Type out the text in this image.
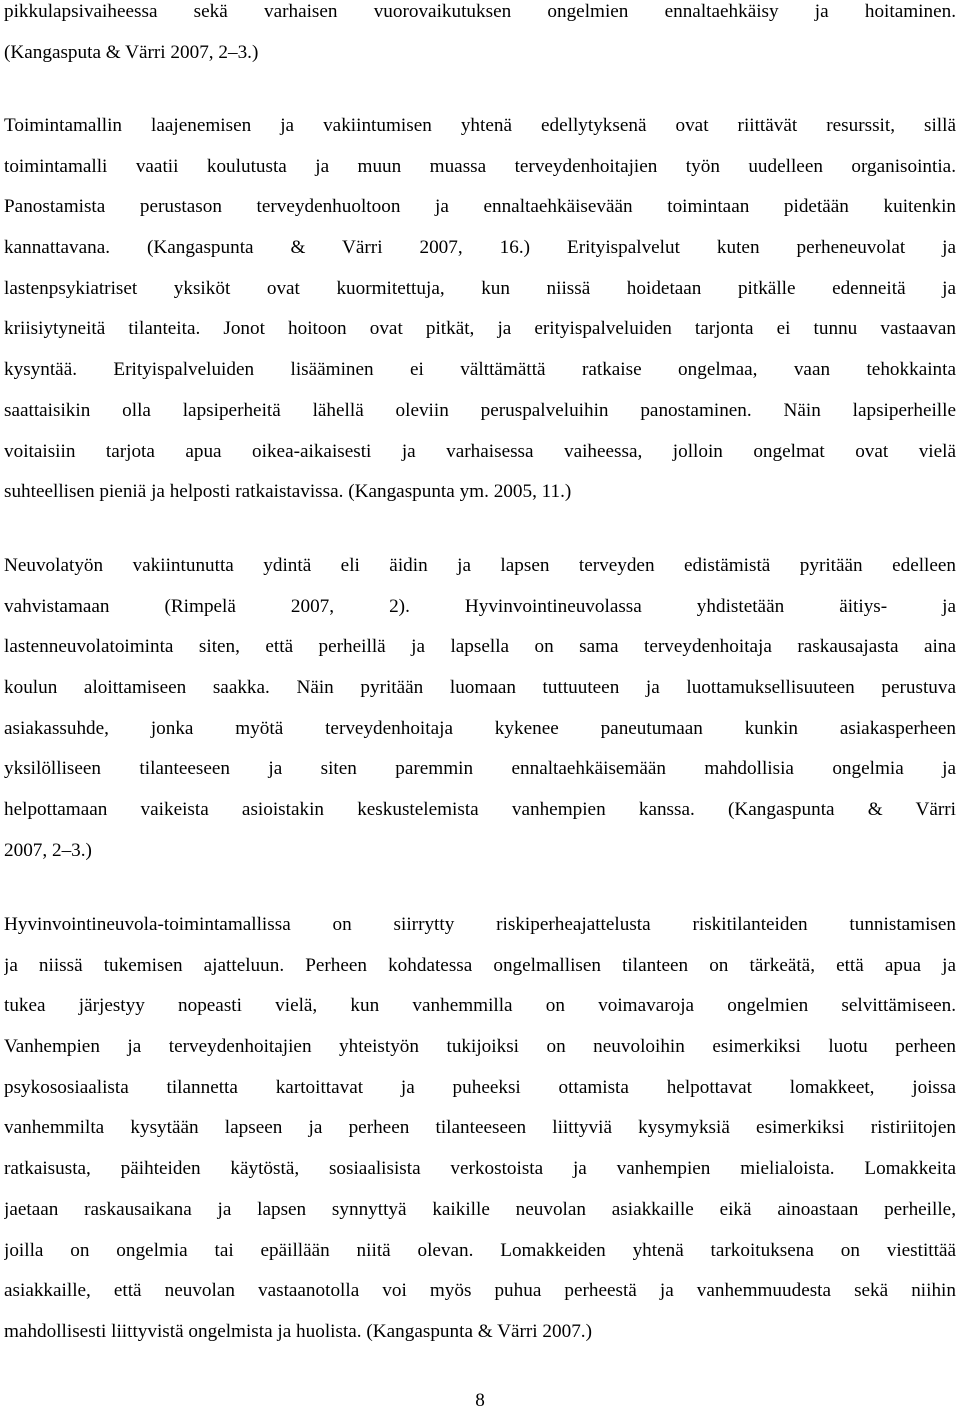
pikkulapsivaiheessa sekä varhaisen vuorovaikutuksen ongelmien ennaltaehkäisy ja hoitaminen.
(Kangasputa & Värri 2007, 2–3.)
Toimintamallin laajenemisen ja vakiintumisen yhtenä edellytyksenä ovat riittävät resurssit, sillä
toimintamalli vaatii koulutusta ja muun muassa terveydenhoitajien työn uudelleen organisointia.
Panostamista perustason terveydenhuoltoon ja ennaltaehkäisevään toimintaan pidetään kuitenkin
kannattavana. (Kangaspunta & Värri 2007, 16.) Erityispalvelut kuten perheneuvolat ja
lastenpsykiatriset yksiköt ovat kuormitettuja, kun niissä hoidetaan pitkälle edenneitä ja
kriisiytyneitä tilanteita. Jonot hoitoon ovat pitkät, ja erityispalveluiden tarjonta ei tunnu vastaavan
kysyntää. Erityispalveluiden lisääminen ei välttämättä ratkaise ongelmaa, vaan tehokkainta
saattaisikin olla lapsiperheitä lähellä oleviin peruspalveluihin panostaminen. Näin lapsiperheille
voitaisiin tarjota apua oikea-aikaisesti ja varhaisessa vaiheessa, jolloin ongelmat ovat vielä
suhteellisen pieniä ja helposti ratkaistavissa. (Kangaspunta ym. 2005, 11.)
Neuvolatyön vakiintunutta ydintä eli äidin ja lapsen terveyden edistämistä pyritään edelleen
vahvistamaan (Rimpelä 2007, 2). Hyvinvointineuvolassa yhdistetään äitiys- ja
lastenneuvolatoiminta siten, että perheillä ja lapsella on sama terveydenhoitaja raskausajasta aina
koulun aloittamiseen saakka. Näin pyritään luomaan tuttuuteen ja luottamuksellisuuteen perustuva
asiakassuhde, jonka myötä terveydenhoitaja kykenee paneutumaan kunkin asiakasperheen
yksilölliseen tilanteeseen ja siten paremmin ennaltaehkäisemään mahdollisia ongelmia ja
helpottamaan vaikeista asioistakin keskustelemista vanhempien kanssa. (Kangaspunta & Värri
2007, 2–3.)
Hyvinvointineuvola-toimintamallissa on siirrytty riskiperheajattelusta riskitilanteiden tunnistamisen
ja niissä tukemisen ajatteluun. Perheen kohdatessa ongelmallisen tilanteen on tärkeätä, että apua ja
tukea järjestyy nopeasti vielä, kun vanhemmilla on voimavaroja ongelmien selvittämiseen.
Vanhempien ja terveydenhoitajien yhteistyön tukijoiksi on neuvoloihin esimerkiksi luotu perheen
psykososiaalista tilannetta kartoittavat ja puheeksi ottamista helpottavat lomakkeet, joissa
vanhemmilta kysytään lapseen ja perheen tilanteeseen liittyviä kysymyksiä esimerkiksi ristiriitojen
ratkaisusta, päihteiden käytöstä, sosiaalisista verkostoista ja vanhempien mielialoista. Lomakkeita
jaetaan raskausaikana ja lapsen synnyttyä kaikille neuvolan asiakkaille eikä ainoastaan perheille,
joilla on ongelmia tai epäillään niitä olevan. Lomakkeiden yhtenä tarkoituksena on viestittää
asiakkaille, että neuvolan vastaanotolla voi myös puhua perheestä ja vanhemmuudesta sekä niihin
mahdollisesti liittyvistä ongelmista ja huolista. (Kangaspunta & Värri 2007.)
8
